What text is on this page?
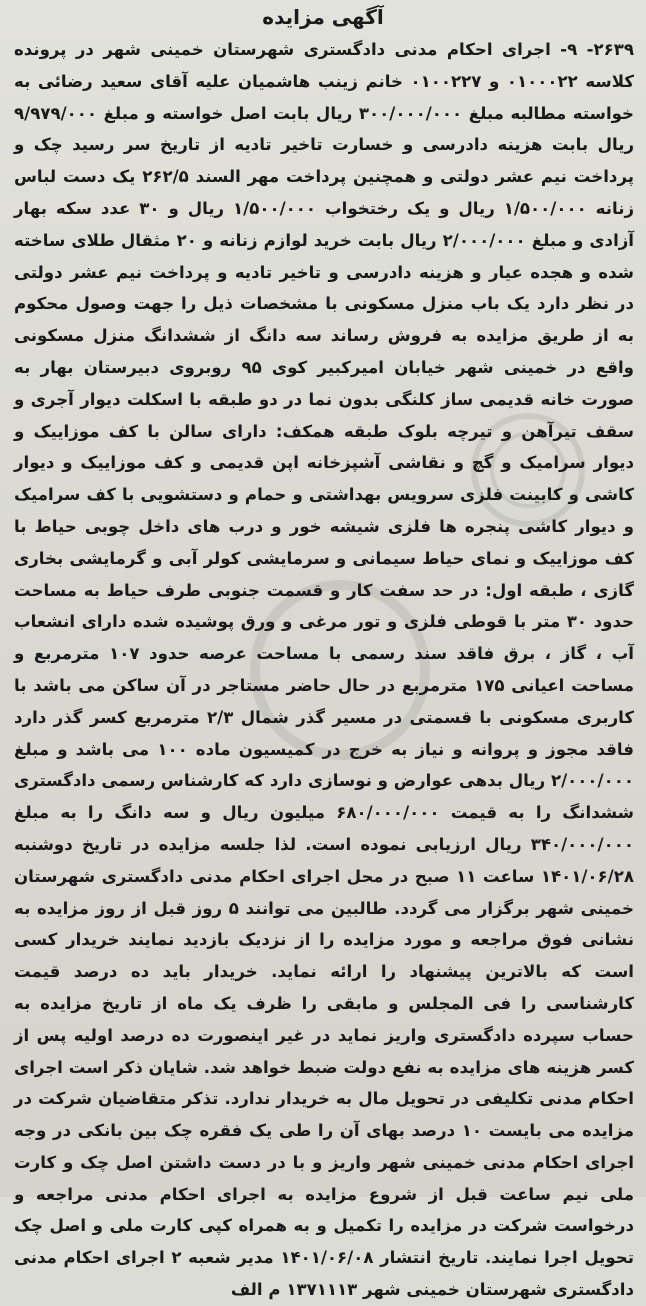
آگهی مزایده

۲۶۳۹- ۹- اجرای احکام مدنی دادگستری شهرستان خمینی شهر در پرونده کلاسه ۰۱۰۰۰۲۲ و ۰۱۰۰۲۲۷ خانم زینب هاشمیان علیه آقای سعید رضائی به خواسته مطالبه مبلغ ۳۰۰/۰۰۰/۰۰۰ ریال بابت اصل خواسته و مبلغ ۹/۹۷۹/۰۰۰ ریال بابت هزینه دادرسی و خسارت تاخیر تادیه از تاریخ سر رسید چک و پرداخت نیم عشر دولتی و همچنین پرداخت مهر السند ۲۶۲/۵ یک دست لباس زنانه ۱/۵۰۰/۰۰۰ ریال و یک رختخواب ۱/۵۰۰/۰۰۰ ریال و ۳۰ عدد سکه بهار آزادی و مبلغ ۲/۰۰۰/۰۰۰ ریال بابت خرید لوازم زنانه و ۲۰ مثقال طلای ساخته شده و هجده عیار و هزینه دادرسی و تاخیر تادیه و پرداخت نیم عشر دولتی در نظر دارد یک باب منزل مسکونی با مشخصات ذیل را جهت وصول محکوم به از طریق مزایده به فروش رساند سه دانگ از ششدانگ منزل مسکونی واقع در خمینی شهر خیابان امیرکبیر کوی ۹۵ روبروی دبیرستان بهار به صورت خانه قدیمی ساز کلنگی بدون نما در دو طبقه با اسکلت دیوار آجری و سقف تیرآهن و تیرچه بلوک طبقه همکف: دارای سالن با کف موزاییک و دیوار سرامیک و گچ و نقاشی آشپزخانه اپن قدیمی و کف موزاییک و دیوار کاشی و کابینت فلزی سرویس بهداشتی و حمام و دستشویی با کف سرامیک و دیوار کاشی پنجره ها فلزی شیشه خور و درب های داخل چوبی حیاط با کف موزاییک و نمای حیاط سیمانی و سرمایشی کولر آبی و گرمایشی بخاری گازی ، طبقه اول: در حد سفت کار و قسمت جنوبی طرف حیاط به مساحت حدود ۳۰ متر با قوطی فلزی و تور مرغی و ورق پوشیده شده دارای انشعاب آب ، گاز ، برق فاقد سند رسمی با مساحت عرصه حدود ۱۰۷ مترمربع و مساحت اعیانی ۱۷۵ مترمربع در حال حاضر مستاجر در آن ساکن می باشد با کاربری مسکونی با قسمتی در مسیر گذر شمال ۲/۳ مترمربع کسر گذر دارد فاقد مجوز و پروانه و نیاز به خرج در کمیسیون ماده ۱۰۰ می باشد و مبلغ ۲/۰۰۰/۰۰۰ ریال بدهی عوارض و نوسازی دارد که کارشناس رسمی دادگستری ششدانگ را به قیمت ۶۸۰/۰۰۰/۰۰۰ میلیون ریال و سه دانگ را به مبلغ ۳۴۰/۰۰۰/۰۰۰ ریال ارزیابی نموده است. لذا جلسه مزایده در تاریخ دوشنبه ۱۴۰۱/۰۶/۲۸ ساعت ۱۱ صبح در محل اجرای احکام مدنی دادگستری شهرستان خمینی شهر برگزار می گردد. طالبین می توانند ۵ روز قبل از روز مزایده به نشانی فوق مراجعه و مورد مزایده را از نزدیک بازدید نمایند خریدار کسی است که بالاترین پیشنهاد را ارائه نماید. خریدار باید ده درصد قیمت کارشناسی را فی المجلس و مابقی را ظرف یک ماه از تاریخ مزایده به حساب سپرده دادگستری واریز نماید در غیر اینصورت ده درصد اولیه پس از کسر هزینه های مزایده به نفع دولت ضبط خواهد شد. شایان ذکر است اجرای احکام مدنی تکلیفی در تحویل مال به خریدار ندارد. تذکر متقاضیان شرکت در مزایده می بایست ۱۰ درصد بهای آن را طی یک فقره چک بین بانکی در وجه اجرای احکام مدنی خمینی شهر واریز و با در دست داشتن اصل چک و کارت ملی نیم ساعت قبل از شروع مزایده به اجرای احکام مدنی مراجعه و درخواست شرکت در مزایده را تکمیل و به همراه کپی کارت ملی و اصل چک تحویل اجرا نمایند. تاریخ انتشار ۱۴۰۱/۰۶/۰۸ مدیر شعبه ۲ اجرای احکام مدنی دادگستری شهرستان خمینی شهر ۱۳۷۱۱۱۳ م الف
